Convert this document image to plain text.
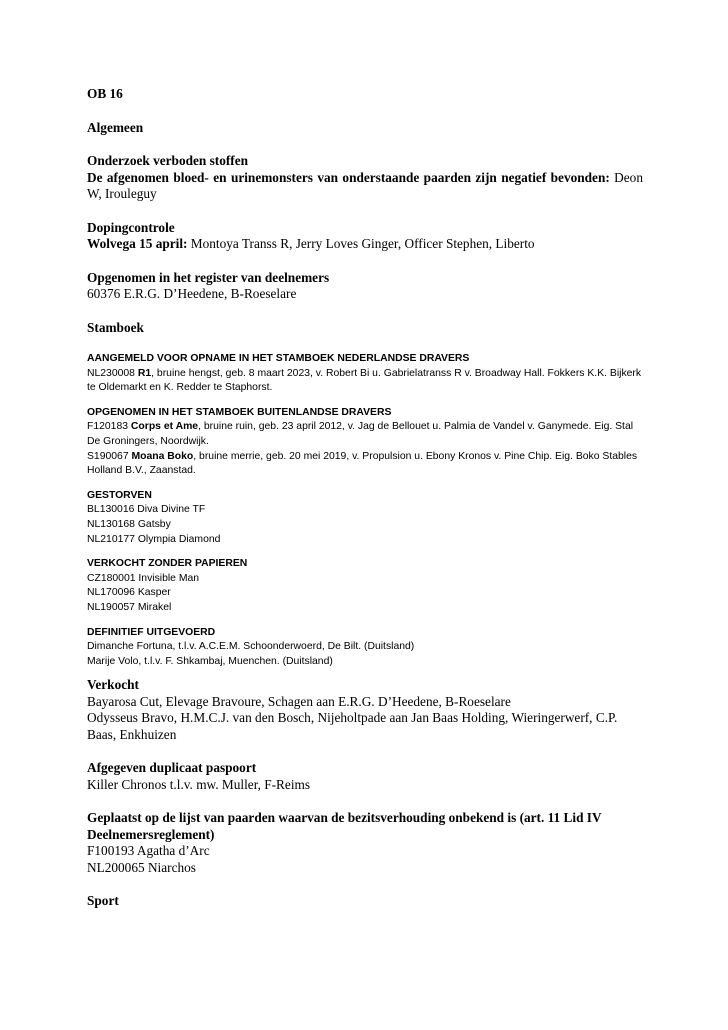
OB 16
Algemeen
Onderzoek verboden stoffen
De afgenomen bloed- en urinemonsters van onderstaande paarden zijn negatief bevonden: Deon W, Irouleguy
Dopingcontrole
Wolvega 15 april: Montoya Transs R, Jerry Loves Ginger, Officer Stephen, Liberto
Opgenomen in het register van deelnemers
60376 E.R.G. D’Heedene, B-Roeselare
Stamboek
AANGEMELD VOOR OPNAME IN HET STAMBOEK NEDERLANDSE DRAVERS
NL230008 R1, bruine hengst, geb. 8 maart 2023, v. Robert Bi u. Gabrielatranss R v. Broadway Hall. Fokkers K.K. Bijkerk te Oldemarkt en K. Redder te Staphorst.
OPGENOMEN IN HET STAMBOEK BUITENLANDSE DRAVERS
F120183 Corps et Ame, bruine ruin, geb. 23 april 2012, v. Jag de Bellouet u. Palmia de Vandel v. Ganymede. Eig. Stal De Groningers, Noordwijk.
S190067 Moana Boko, bruine merrie, geb. 20 mei 2019, v. Propulsion u. Ebony Kronos v. Pine Chip. Eig. Boko Stables Holland B.V., Zaanstad.
GESTORVEN
BL130016 Diva Divine TF
NL130168 Gatsby
NL210177 Olympia Diamond
VERKOCHT ZONDER PAPIEREN
CZ180001 Invisible Man
NL170096 Kasper
NL190057 Mirakel
DEFINITIEF UITGEVOERD
Dimanche Fortuna, t.l.v. A.C.E.M. Schoonderwoerd, De Bilt. (Duitsland)
Marije Volo, t.l.v. F. Shkambaj, Muenchen. (Duitsland)
Verkocht
Bayarosa Cut, Elevage Bravoure, Schagen aan E.R.G. D’Heedene, B-Roeselare
Odysseus Bravo, H.M.C.J. van den Bosch, Nijeholtpade aan Jan Baas Holding, Wieringerwerf, C.P. Baas, Enkhuizen
Afgegeven duplicaat paspoort
Killer Chronos t.l.v. mw. Muller, F-Reims
Geplaatst op de lijst van paarden waarvan de bezitsverhouding onbekend is (art. 11 Lid IV Deelnemersreglement)
F100193 Agatha d’Arc
NL200065 Niarchos
Sport
